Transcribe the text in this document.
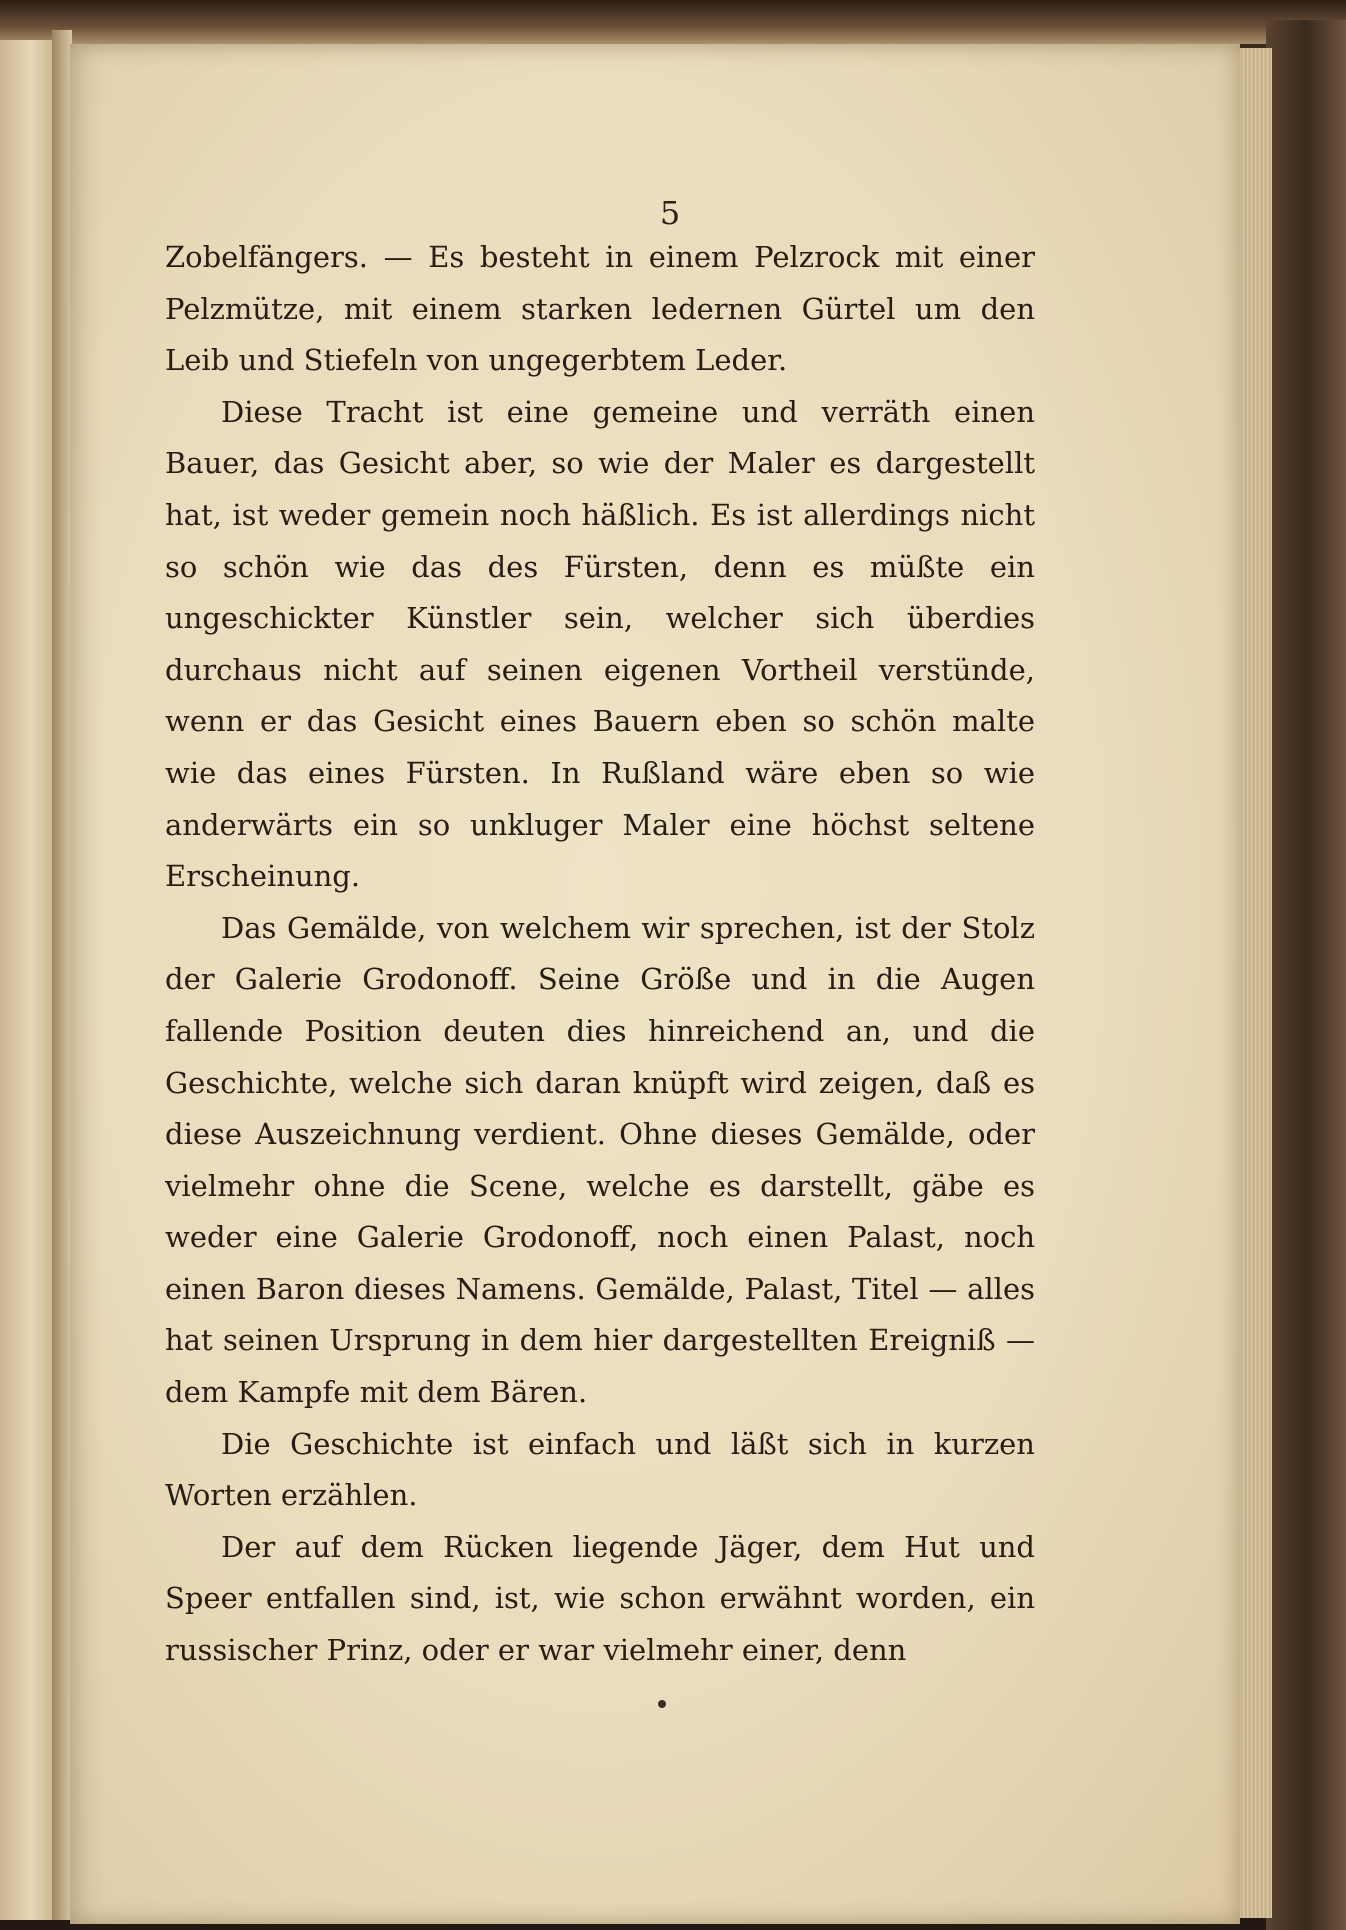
5

Zobelfängers. — Es besteht in einem Pelzrock mit einer Pelzmütze, mit einem starken ledernen Gürtel um den Leib und Stiefeln von ungegerbtem Leder.

Diese Tracht ist eine gemeine und verräth einen Bauer, das Gesicht aber, so wie der Maler es dargestellt hat, ist weder gemein noch häßlich. Es ist allerdings nicht so schön wie das des Fürsten, denn es müßte ein ungeschickter Künstler sein, welcher sich überdies durchaus nicht auf seinen eigenen Vortheil verstünde, wenn er das Gesicht eines Bauern eben so schön malte wie das eines Fürsten. In Rußland wäre eben so wie anderwärts ein so unkluger Maler eine höchst seltene Erscheinung.

Das Gemälde, von welchem wir sprechen, ist der Stolz der Galerie Grodonoff. Seine Größe und in die Augen fallende Position deuten dies hinreichend an, und die Geschichte, welche sich daran knüpft wird zeigen, daß es diese Auszeichnung verdient. Ohne dieses Gemälde, oder vielmehr ohne die Scene, welche es darstellt, gäbe es weder eine Galerie Grodonoff, noch einen Palast, noch einen Baron dieses Namens. Gemälde, Palast, Titel — alles hat seinen Ursprung in dem hier dargestellten Ereigniß — dem Kampfe mit dem Bären.

Die Geschichte ist einfach und läßt sich in kurzen Worten erzählen.

Der auf dem Rücken liegende Jäger, dem Hut und Speer entfallen sind, ist, wie schon erwähnt worden, ein russischer Prinz, oder er war vielmehr einer, denn
